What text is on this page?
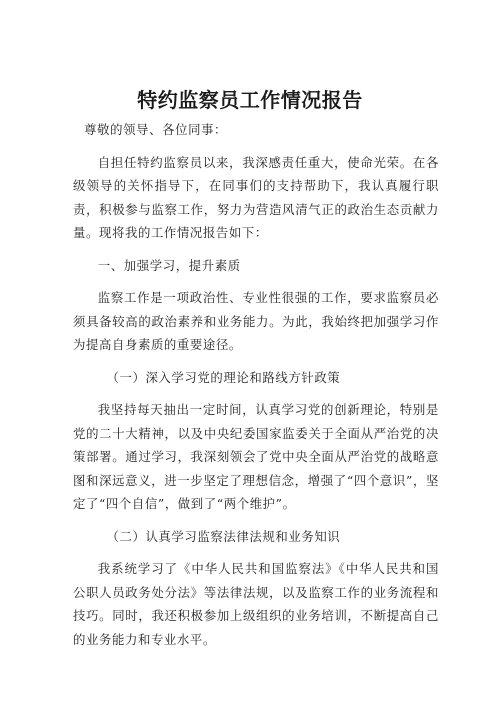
特约监察员工作情况报告

尊敬的领导、各位同事：

自担任特约监察员以来，我深感责任重大，使命光荣。在各级领导的关怀指导下，在同事们的支持帮助下，我认真履行职责，积极参与监察工作，努力为营造风清气正的政治生态贡献力量。现将我的工作情况报告如下：

一、加强学习，提升素质

监察工作是一项政治性、专业性很强的工作，要求监察员必须具备较高的政治素养和业务能力。为此，我始终把加强学习作为提高自身素质的重要途径。

（一）深入学习党的理论和路线方针政策

我坚持每天抽出一定时间，认真学习党的创新理论，特别是党的二十大精神，以及中央纪委国家监委关于全面从严治党的决策部署。通过学习，我深刻领会了党中央全面从严治党的战略意图和深远意义，进一步坚定了理想信念，增强了“四个意识”，坚定了“四个自信”，做到了“两个维护”。

（二）认真学习监察法律法规和业务知识

我系统学习了《中华人民共和国监察法》《中华人民共和国公职人员政务处分法》等法律法规，以及监察工作的业务流程和技巧。同时，我还积极参加上级组织的业务培训，不断提高自己的业务能力和专业水平。
